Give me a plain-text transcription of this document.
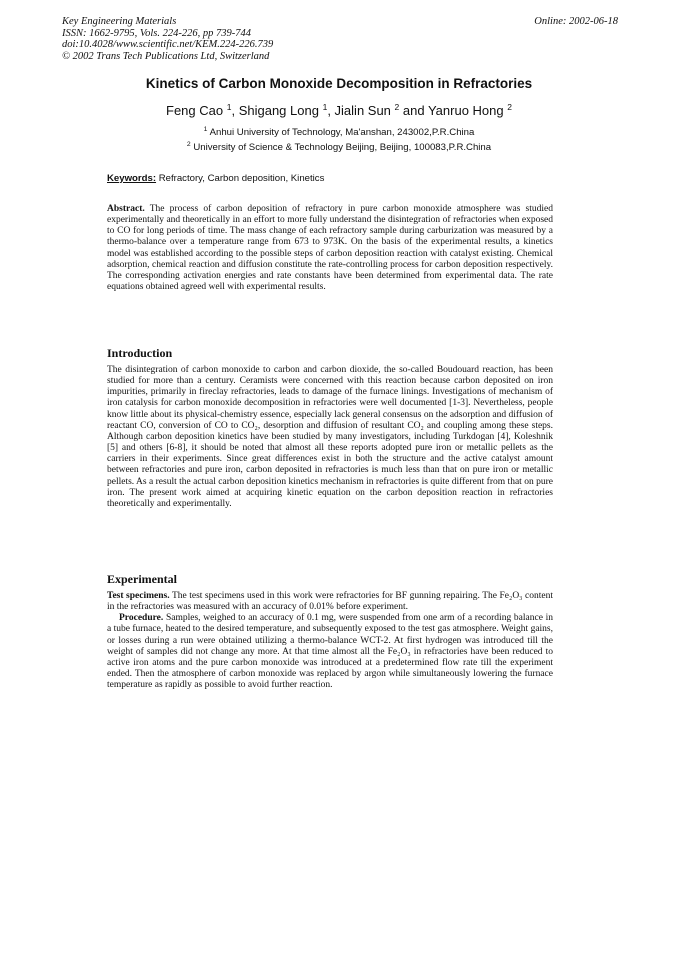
Key Engineering Materials
ISSN: 1662-9795, Vols. 224-226, pp 739-744
doi:10.4028/www.scientific.net/KEM.224-226.739
© 2002 Trans Tech Publications Ltd, Switzerland
Online: 2002-06-18
Kinetics of Carbon Monoxide Decomposition in Refractories
Feng Cao $^1$, Shigang Long $^1$, Jialin Sun $^2$ and Yanruo Hong $^2$
$^1$ Anhui University of Technology, Ma'anshan, 243002,P.R.China
$^2$ University of Science & Technology Beijing, Beijing, 100083,P.R.China
Keywords: Refractory, Carbon deposition, Kinetics

Abstract. The process of carbon deposition of refractory in pure carbon monoxide atmosphere was studied experimentally and theoretically in an effort to more fully understand the disintegration of refractories when exposed to CO for long periods of time. The mass change of each refractory sample during carburization was measured by a thermo-balance over a temperature range from 673 to 973K. On the basis of the experimental results, a kinetics model was established according to the possible steps of carbon deposition reaction with catalyst existing. Chemical adsorption, chemical reaction and diffusion constitute the rate-controlling process for carbon deposition respectively. The corresponding activation energies and rate constants have been determined from experimental data. The rate equations obtained agreed well with experimental results.

Introduction

The disintegration of carbon monoxide to carbon and carbon dioxide, the so-called Boudouard reaction, has been studied for more than a century. Ceramists were concerned with this reaction because carbon deposited on iron impurities, primarily in fireclay refractories, leads to damage of the furnace linings. Investigations of mechanism of iron catalysis for carbon monoxide decomposition in refractories were well documented [1-3]. Nevertheless, people know little about its physical-chemistry essence, especially lack general consensus on the adsorption and diffusion of reactant CO, conversion of CO to CO₂, desorption and diffusion of resultant CO₂ and coupling among these steps. Although carbon deposition kinetics have been studied by many investigators, including Turkdogan [4], Koleshnik [5] and others [6-8], it should be noted that almost all these reports adopted pure iron or metallic pellets as the carriers in their experiments. Since great differences exist in both the structure and the active catalyst amount between refractories and pure iron, carbon deposited in refractories is much less than that on pure iron or metallic pellets. As a result the actual carbon deposition kinetics mechanism in refractories is quite different from that on pure iron. The present work aimed at acquiring kinetic equation on the carbon deposition reaction in refractories theoretically and experimentally.

Experimental

Test specimens. The test specimens used in this work were refractories for BF gunning repairing. The Fe₂O₃ content in the refractories was measured with an accuracy of 0.01% before experiment.

Procedure. Samples, weighed to an accuracy of 0.1 mg, were suspended from one arm of a recording balance in a tube furnace, heated to the desired temperature, and subsequently exposed to the test gas atmosphere. Weight gains, or losses during a run were obtained utilizing a thermo-balance WCT-2. At first hydrogen was introduced till the weight of samples did not change any more. At that time almost all the Fe₂O₃ in refractories have been reduced to active iron atoms and the pure carbon monoxide was introduced at a predetermined flow rate till the experiment ended. Then the atmosphere of carbon monoxide was replaced by argon while simultaneously lowering the furnace temperature as rapidly as possible to avoid further reaction.
